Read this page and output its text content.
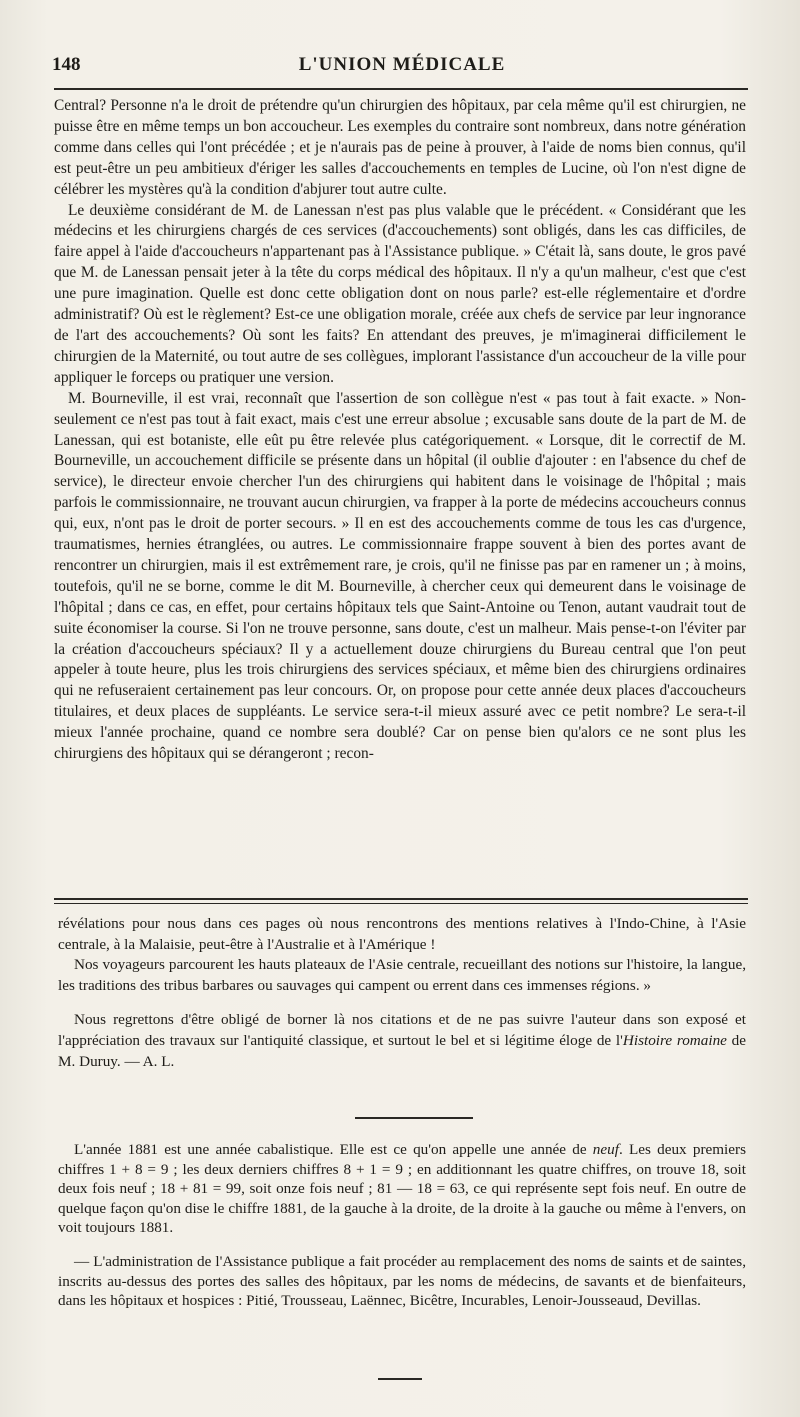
148	L'UNION MÉDICALE

Central? Personne n'a le droit de prétendre qu'un chirurgien des hôpitaux, par cela même qu'il est chirurgien, ne puisse être en même temps un bon accoucheur. Les exemples du contraire sont nombreux, dans notre génération comme dans celles qui l'ont précédée ; et je n'aurais pas de peine à prouver, à l'aide de noms bien connus, qu'il est peut-être un peu ambitieux d'ériger les salles d'accouchements en temples de Lucine, où l'on n'est digne de célébrer les mystères qu'à la condition d'abjurer tout autre culte.

Le deuxième considérant de M. de Lanessan n'est pas plus valable que le précédent. « Considérant que les médecins et les chirurgiens chargés de ces services (d'accouchements) sont obligés, dans les cas difficiles, de faire appel à l'aide d'accoucheurs n'appartenant pas à l'Assistance publique. » C'était là, sans doute, le gros pavé que M. de Lanessan pensait jeter à la tête du corps médical des hôpitaux. Il n'y a qu'un malheur, c'est que c'est une pure imagination. Quelle est donc cette obligation dont on nous parle? est-elle réglementaire et d'ordre administratif? Où est le règlement? Est-ce une obligation morale, créée aux chefs de service par leur ingnorance de l'art des accouchements? Où sont les faits? En attendant des preuves, je m'imaginerai difficilement le chirurgien de la Maternité, ou tout autre de ses collègues, implorant l'assistance d'un accoucheur de la ville pour appliquer le forceps ou pratiquer une version.

M. Bourneville, il est vrai, reconnaît que l'assertion de son collègue n'est « pas tout à fait exacte. » Non-seulement ce n'est pas tout à fait exact, mais c'est une erreur absolue ; excusable sans doute de la part de M. de Lanessan, qui est botaniste, elle eût pu être relevée plus catégoriquement. « Lorsque, dit le correctif de M. Bourneville, un accouchement difficile se présente dans un hôpital (il oublie d'ajouter : en l'absence du chef de service), le directeur envoie chercher l'un des chirurgiens qui habitent dans le voisinage de l'hôpital ; mais parfois le commissionnaire, ne trouvant aucun chirurgien, va frapper à la porte de médecins accoucheurs connus qui, eux, n'ont pas le droit de porter secours. » Il en est des accouchements comme de tous les cas d'urgence, traumatismes, hernies étranglées, ou autres. Le commissionnaire frappe souvent à bien des portes avant de rencontrer un chirurgien, mais il est extrêmement rare, je crois, qu'il ne finisse pas par en ramener un ; à moins, toutefois, qu'il ne se borne, comme le dit M. Bourneville, à chercher ceux qui demeurent dans le voisinage de l'hôpital ; dans ce cas, en effet, pour certains hôpitaux tels que Saint-Antoine ou Tenon, autant vaudrait tout de suite économiser la course. Si l'on ne trouve personne, sans doute, c'est un malheur. Mais pense-t-on l'éviter par la création d'accoucheurs spéciaux? Il y a actuellement douze chirurgiens du Bureau central que l'on peut appeler à toute heure, plus les trois chirurgiens des services spéciaux, et même bien des chirurgiens ordinaires qui ne refuseraient certainement pas leur concours. Or, on propose pour cette année deux places d'accoucheurs titulaires, et deux places de suppléants. Le service sera-t-il mieux assuré avec ce petit nombre? Le sera-t-il mieux l'année prochaine, quand ce nombre sera doublé? Car on pense bien qu'alors ce ne sont plus les chirurgiens des hôpitaux qui se dérangeront ; recon-

révélations pour nous dans ces pages où nous rencontrons des mentions relatives à l'Indo-Chine, à l'Asie centrale, à la Malaisie, peut-être à l'Australie et à l'Amérique !

Nos voyageurs parcourent les hauts plateaux de l'Asie centrale, recueillant des notions sur l'histoire, la langue, les traditions des tribus barbares ou sauvages qui campent ou errent dans ces immenses régions. »

Nous regrettons d'être obligé de borner là nos citations et de ne pas suivre l'auteur dans son exposé et l'appréciation des travaux sur l'antiquité classique, et surtout le bel et si légitime éloge de l'Histoire romaine de M. Duruy. — A. L.

L'année 1881 est une année cabalistique. Elle est ce qu'on appelle une année de neuf. Les deux premiers chiffres 1 + 8 = 9 ; les deux derniers chiffres 8 + 1 = 9 ; en additionnant les quatre chiffres, on trouve 18, soit deux fois neuf ; 18 + 81 = 99, soit onze fois neuf ; 81 — 18 = 63, ce qui représente sept fois neuf. En outre de quelque façon qu'on dise le chiffre 1881, de la gauche à la droite, de la droite à la gauche ou même à l'envers, on voit toujours 1881.

— L'administration de l'Assistance publique a fait procéder au remplacement des noms de saints et de saintes, inscrits au-dessus des portes des salles des hôpitaux, par les noms de médecins, de savants et de bienfaiteurs, dans les hôpitaux et hospices : Pitié, Trousseau, Laënnec, Bicêtre, Incurables, Lenoir-Jousseaud, Devillas.
